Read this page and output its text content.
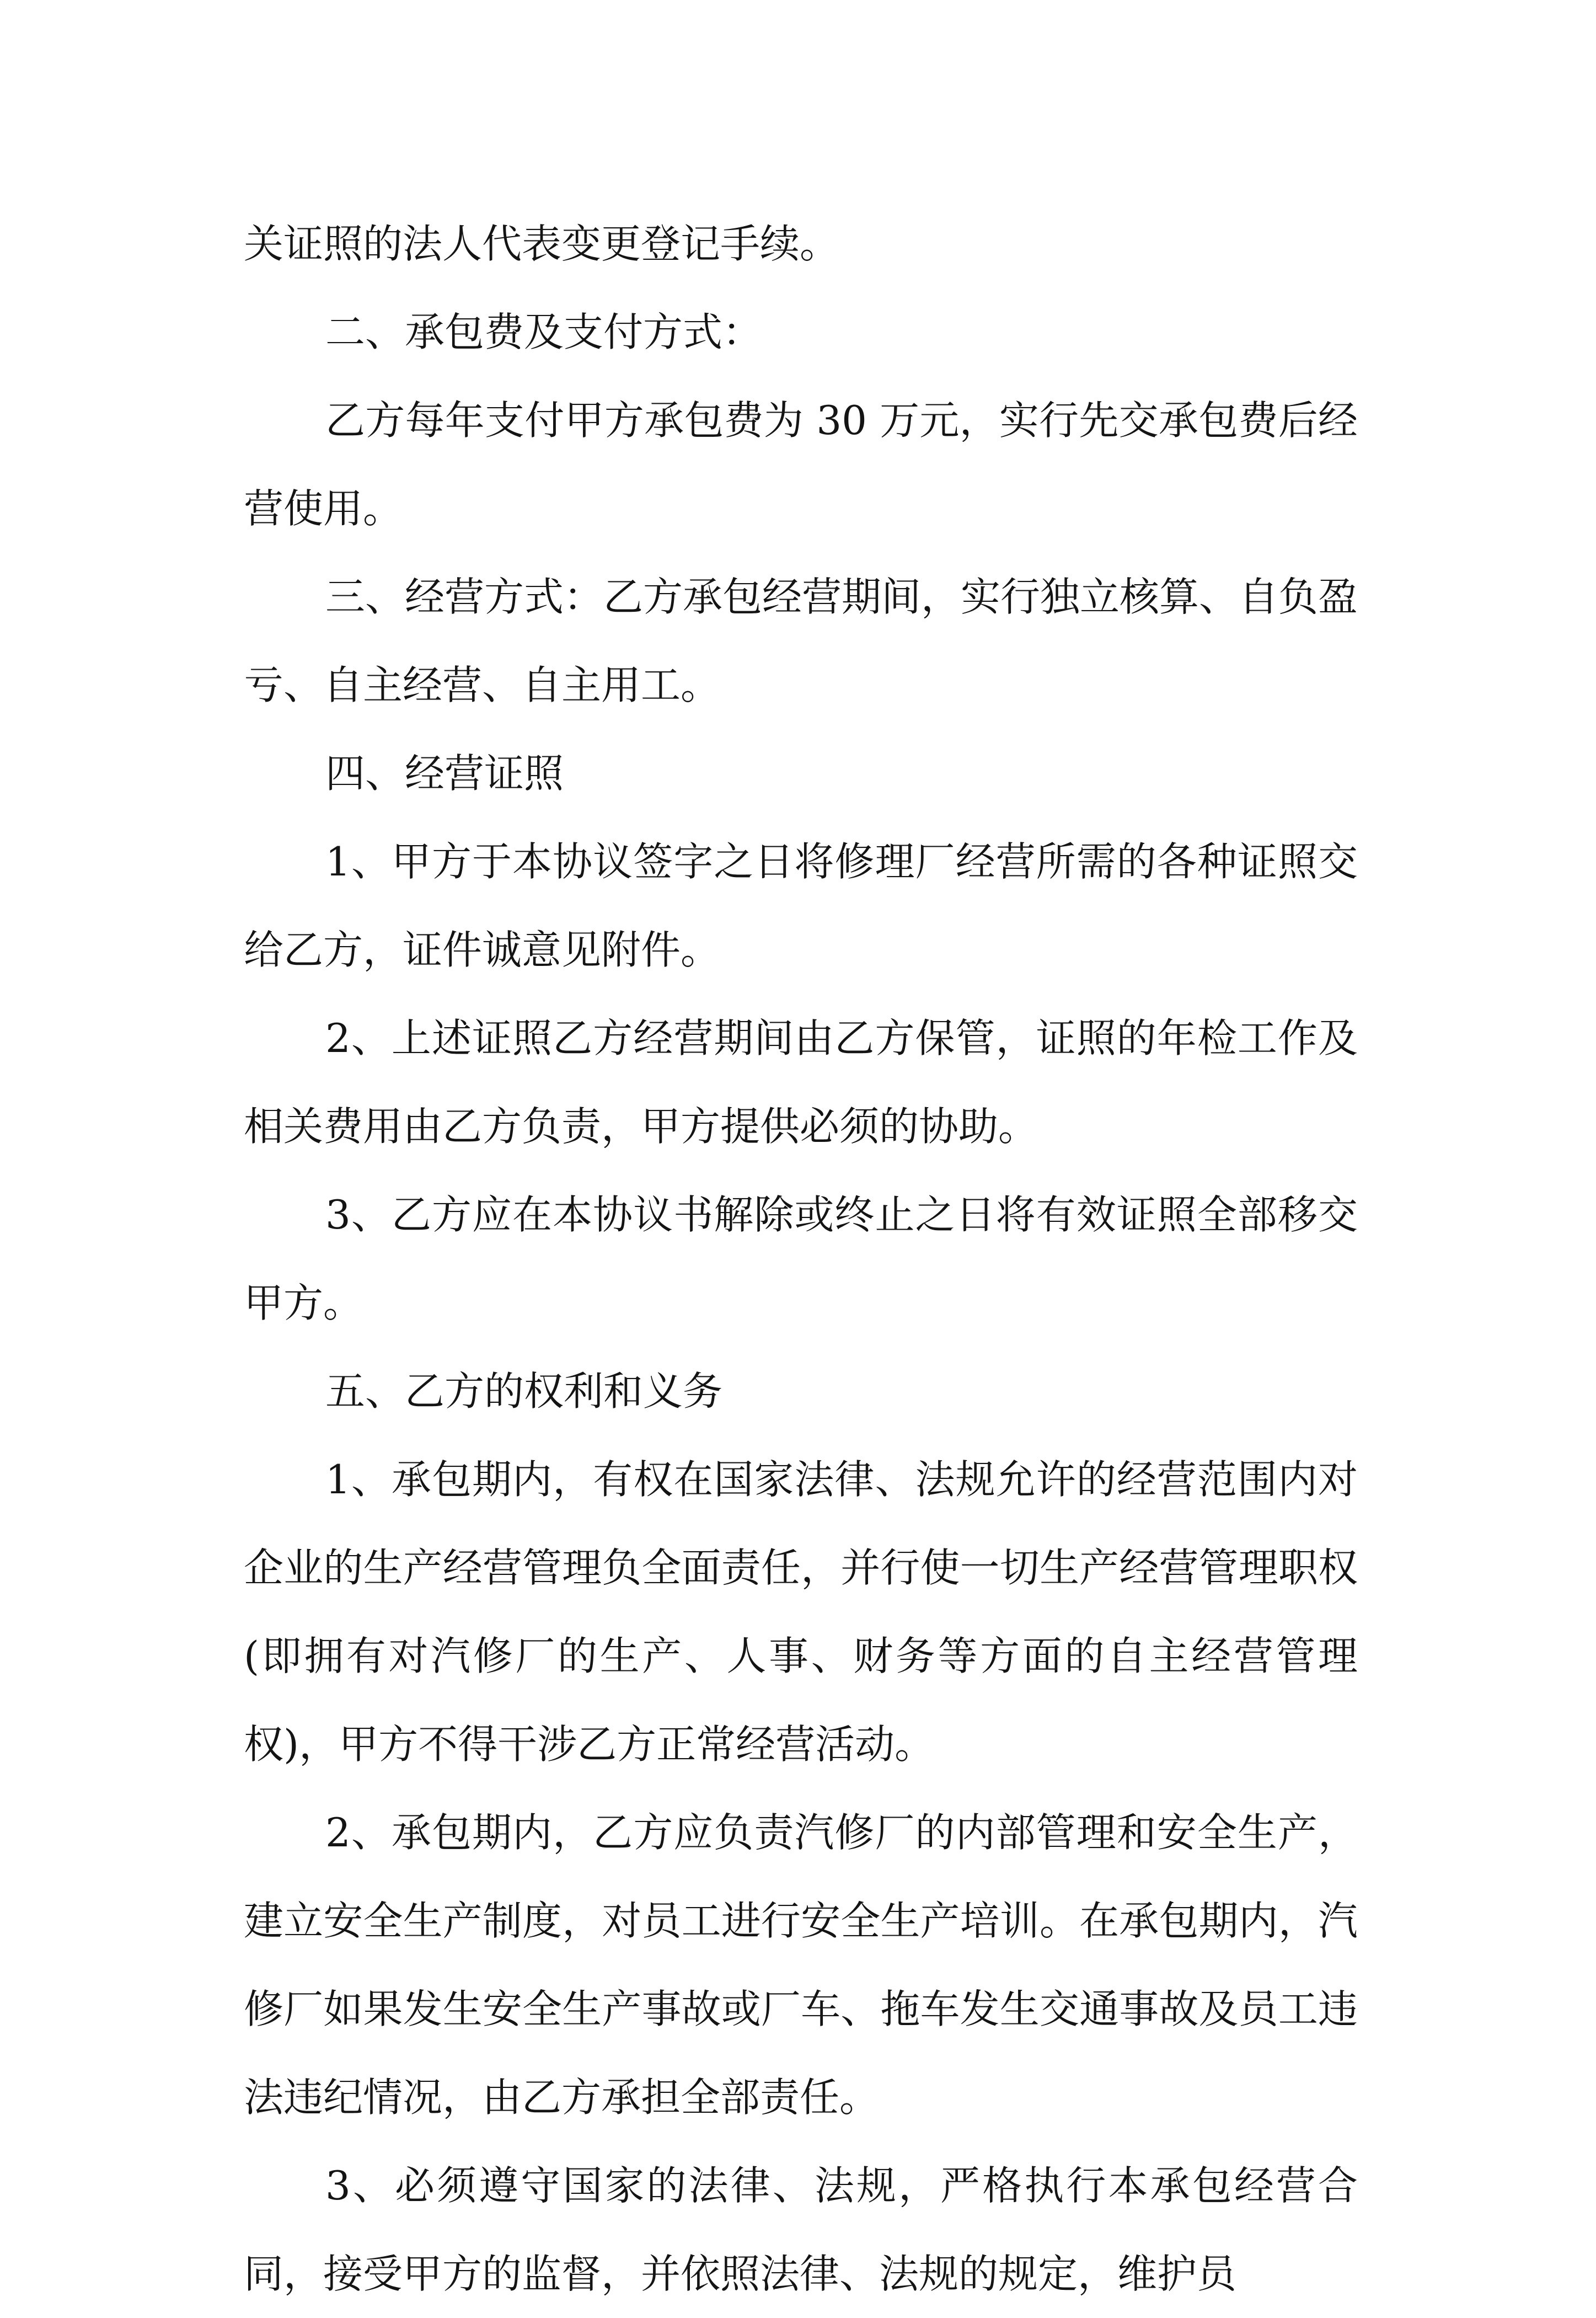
关证照的法人代表变更登记手续。

二、承包费及支付方式：

乙方每年支付甲方承包费为 30 万元，实行先交承包费后经营使用。

三、经营方式：乙方承包经营期间，实行独立核算、自负盈亏、自主经营、自主用工。

四、经营证照

1、甲方于本协议签字之日将修理厂经营所需的各种证照交给乙方，证件诚意见附件。

2、上述证照乙方经营期间由乙方保管，证照的年检工作及相关费用由乙方负责，甲方提供必须的协助。

3、乙方应在本协议书解除或终止之日将有效证照全部移交甲方。

五、乙方的权利和义务

1、承包期内，有权在国家法律、法规允许的经营范围内对企业的生产经营管理负全面责任，并行使一切生产经营管理职权(即拥有对汽修厂的生产、人事、财务等方面的自主经营管理权)，甲方不得干涉乙方正常经营活动。

2、承包期内，乙方应负责汽修厂的内部管理和安全生产，建立安全生产制度，对员工进行安全生产培训。在承包期内，汽修厂如果发生安全生产事故或厂车、拖车发生交通事故及员工违法违纪情况，由乙方承担全部责任。

3、必须遵守国家的法律、法规，严格执行本承包经营合同，接受甲方的监督，并依照法律、法规的规定，维护员
